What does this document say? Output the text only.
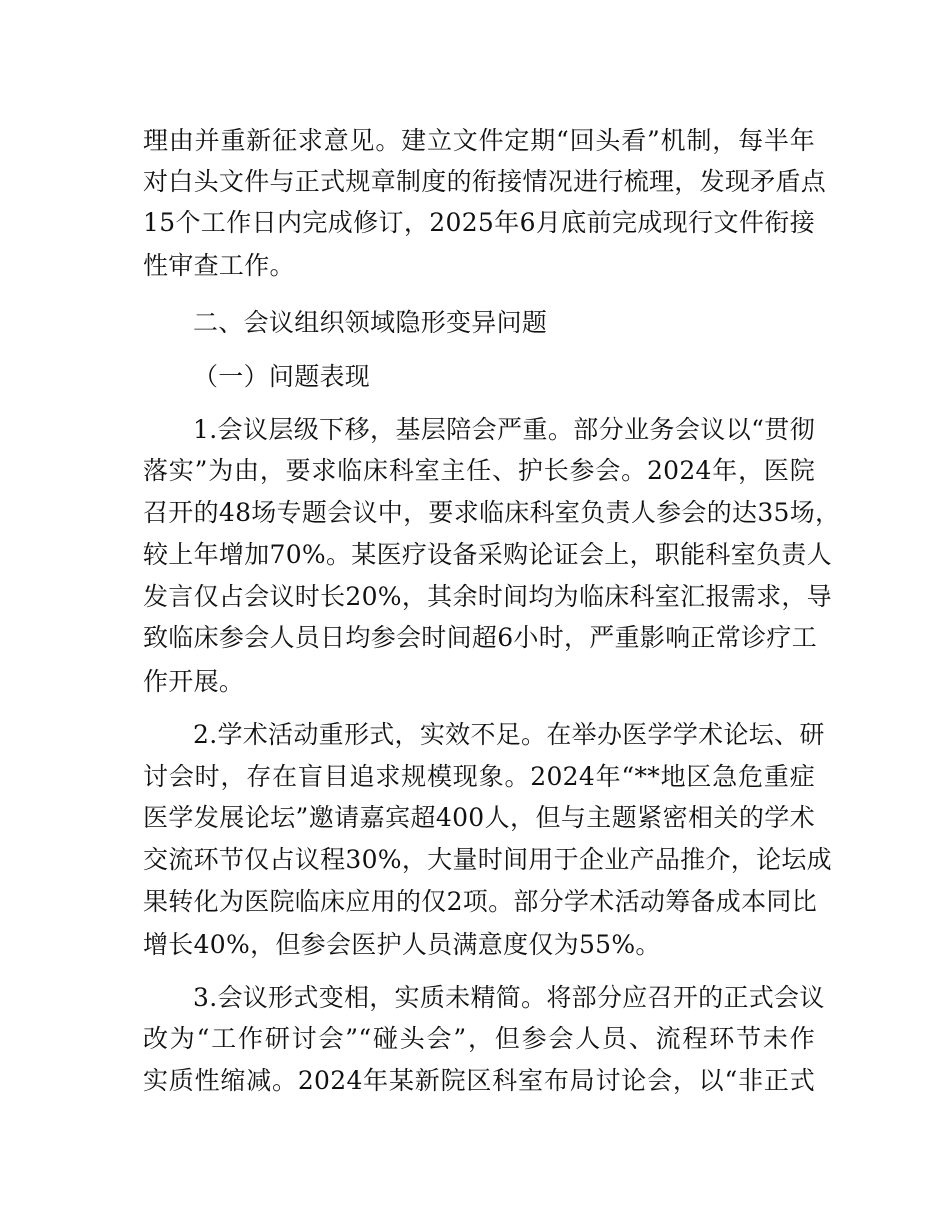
理由并重新征求意见。建立文件定期“回头看”机制，每半年
对白头文件与正式规章制度的衔接情况进行梳理，发现矛盾点
15个工作日内完成修订，2025年6月底前完成现行文件衔接
性审查工作。
二、会议组织领域隐形变异问题
（一）问题表现
1.会议层级下移，基层陪会严重。部分业务会议以“贯彻
落实”为由，要求临床科室主任、护长参会。2024年，医院
召开的48场专题会议中，要求临床科室负责人参会的达35场，
较上年增加70%。某医疗设备采购论证会上，职能科室负责人
发言仅占会议时长20%，其余时间均为临床科室汇报需求，导
致临床参会人员日均参会时间超6小时，严重影响正常诊疗工
作开展。
2.学术活动重形式，实效不足。在举办医学学术论坛、研
讨会时，存在盲目追求规模现象。2024年“**地区急危重症
医学发展论坛”邀请嘉宾超400人，但与主题紧密相关的学术
交流环节仅占议程30%，大量时间用于企业产品推介，论坛成
果转化为医院临床应用的仅2项。部分学术活动筹备成本同比
增长40%，但参会医护人员满意度仅为55%。
3.会议形式变相，实质未精简。将部分应召开的正式会议
改为“工作研讨会”“碰头会”，但参会人员、流程环节未作
实质性缩减。2024年某新院区科室布局讨论会，以“非正式
